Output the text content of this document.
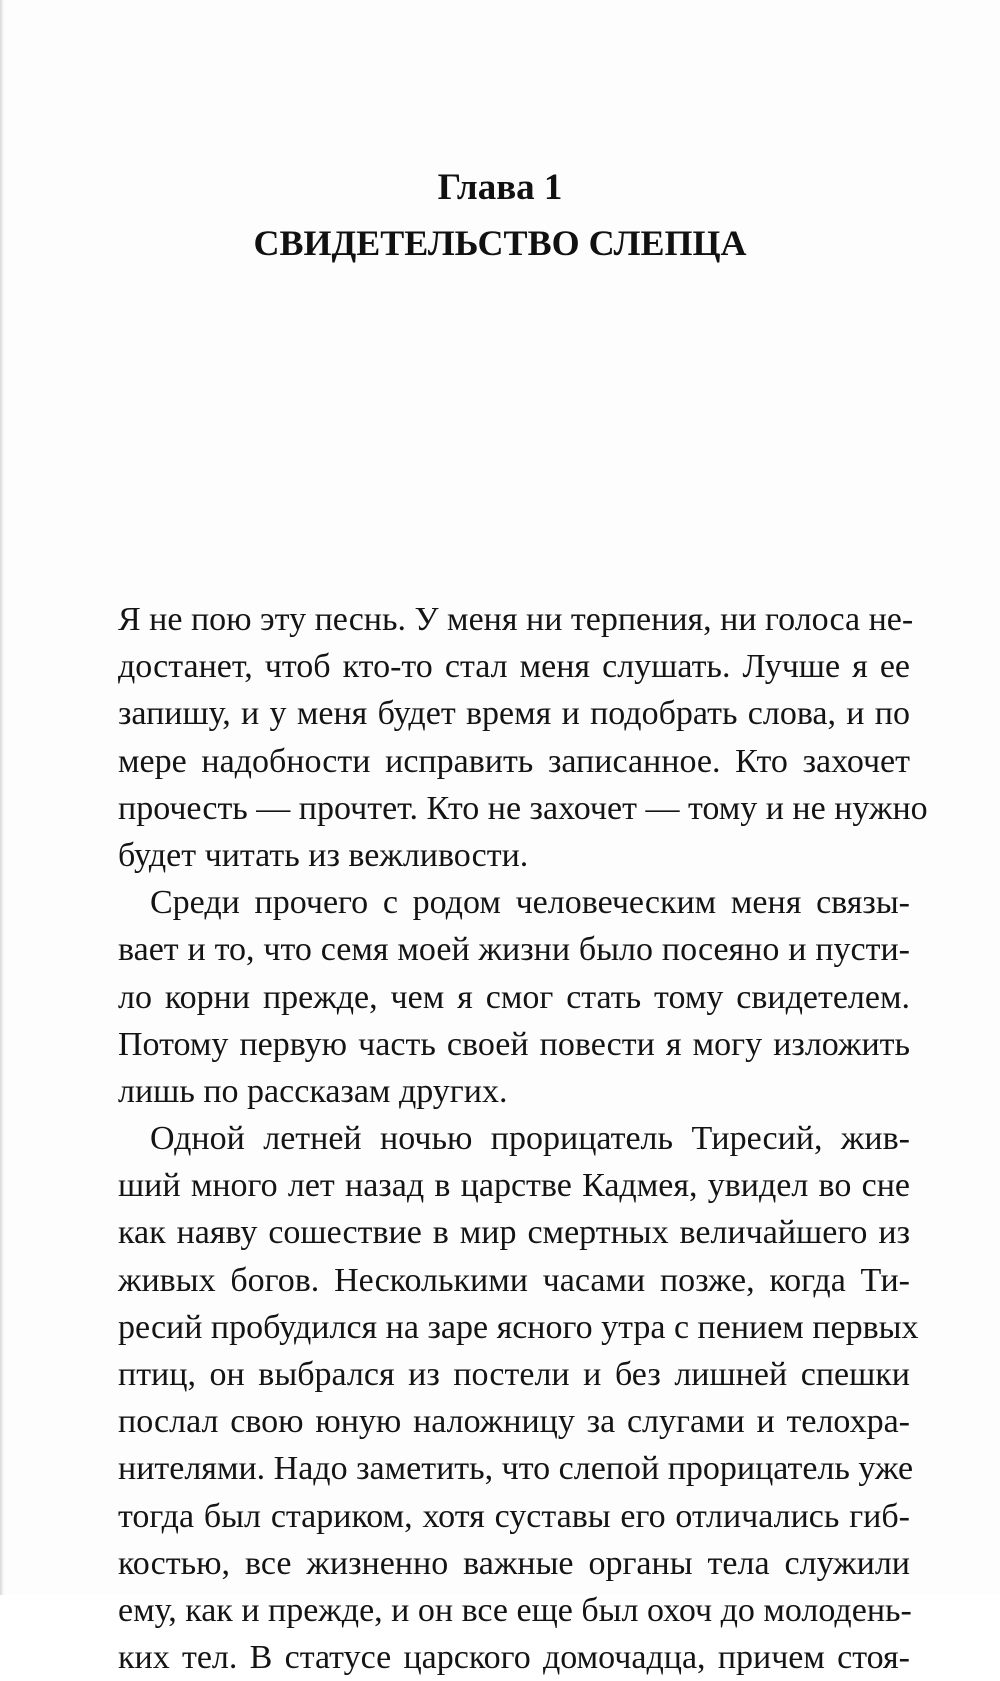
Глава 1
СВИДЕТЕЛЬСТВО СЛЕПЦА
Я не пою эту песнь. У меня ни терпения, ни голоса не-
достанет, чтоб кто-то стал меня слушать. Лучше я ее
запишу, и у меня будет время и подобрать слова, и по
мере надобности исправить записанное. Кто захочет
прочесть — прочтет. Кто не захочет — тому и не нужно
будет читать из вежливости.
Среди прочего с родом человеческим меня связы-
вает и то, что семя моей жизни было посеяно и пусти-
ло корни прежде, чем я смог стать тому свидетелем.
Потому первую часть своей повести я могу изложить
лишь по рассказам других.
Одной летней ночью прорицатель Тиресий, жив-
ший много лет назад в царстве Кадмея, увидел во сне
как наяву сошествие в мир смертных величайшего из
живых богов. Несколькими часами позже, когда Ти-
ресий пробудился на заре ясного утра с пением первых
птиц, он выбрался из постели и без лишней спешки
послал свою юную наложницу за слугами и телохра-
нителями. Надо заметить, что слепой прорицатель уже
тогда был стариком, хотя суставы его отличались гиб-
костью, все жизненно важные органы тела служили
ему, как и прежде, и он все еще был охоч до молодень-
ких тел. В статусе царского домочадца, причем стоя-
